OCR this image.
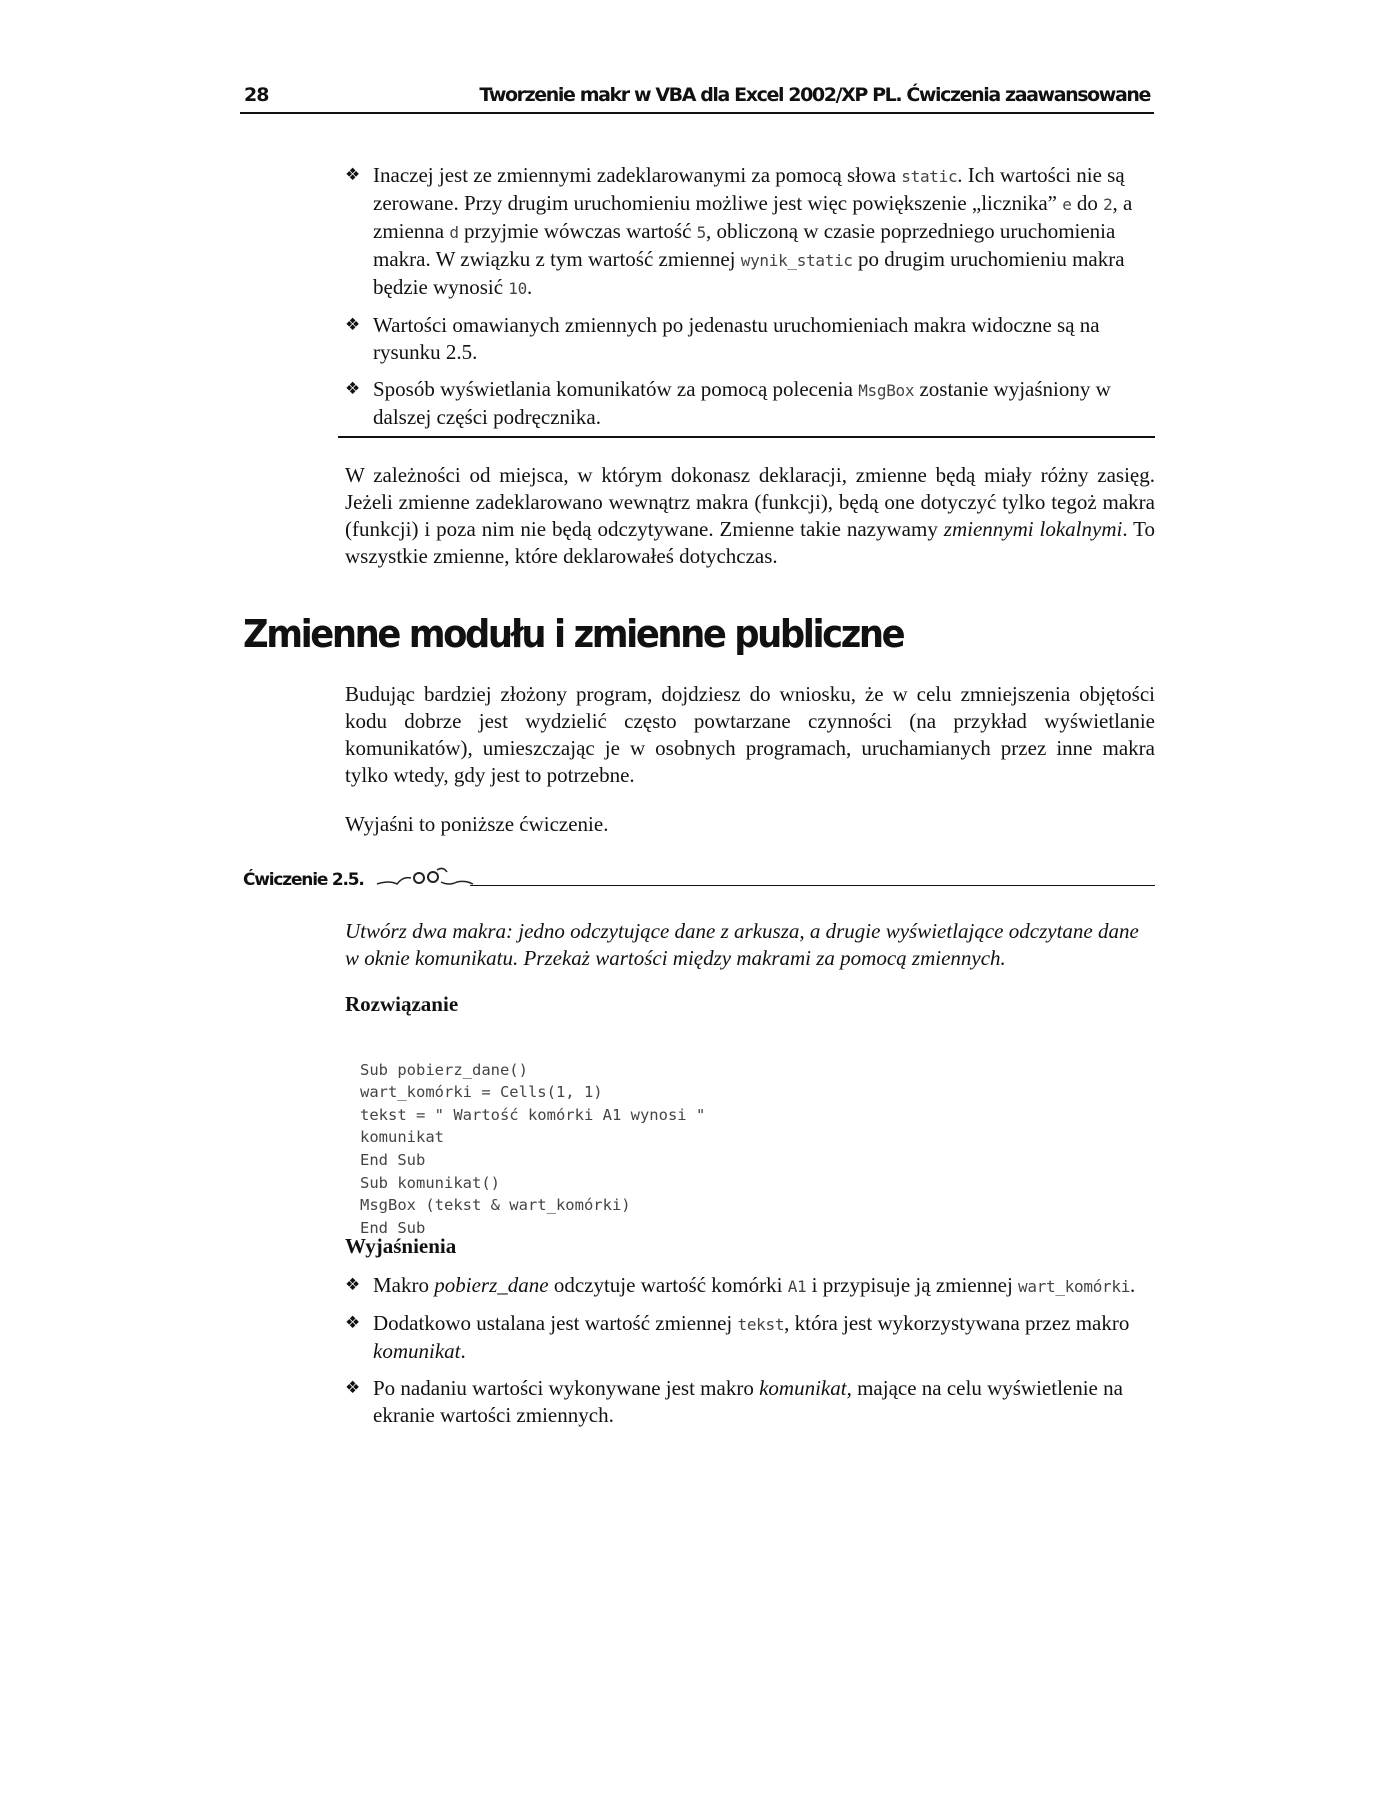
28	Tworzenie makr w VBA dla Excel 2002/XP PL. Ćwiczenia zaawansowane
❖ Inaczej jest ze zmiennymi zadeklarowanymi za pomocą słowa static. Ich wartości nie są zerowane. Przy drugim uruchomieniu możliwe jest więc powiększenie „licznika” e do 2, a zmienna d przyjmie wówczas wartość 5, obliczoną w czasie poprzedniego uruchomienia makra. W związku z tym wartość zmiennej wynik_static po drugim uruchomieniu makra będzie wynosić 10.
❖ Wartości omawianych zmiennych po jedenastu uruchomieniach makra widoczne są na rysunku 2.5.
❖ Sposób wyświetlania komunikatów za pomocą polecenia MsgBox zostanie wyjaśniony w dalszej części podręcznika.
W zależności od miejsca, w którym dokonasz deklaracji, zmienne będą miały różny zasięg. Jeżeli zmienne zadeklarowano wewnątrz makra (funkcji), będą one dotyczyć tylko tegoż makra (funkcji) i poza nim nie będą odczytywane. Zmienne takie nazywamy zmiennymi lokalnymi. To wszystkie zmienne, które deklarowałeś dotychczas.
Zmienne modułu i zmienne publiczne
Budując bardziej złożony program, dojdziesz do wniosku, że w celu zmniejszenia objętości kodu dobrze jest wydzielić często powtarzane czynności (na przykład wyświetlanie komunikatów), umieszczając je w osobnych programach, uruchamianych przez inne makra tylko wtedy, gdy jest to potrzebne.
Wyjaśni to poniższe ćwiczenie.
Ćwiczenie 2.5.
Utwórz dwa makra: jedno odczytujące dane z arkusza, a drugie wyświetlające odczytane dane w oknie komunikatu. Przekaż wartości między makrami za pomocą zmiennych.
Rozwiązanie

Sub pobierz_dane()
wart_komórki = Cells(1, 1)
tekst = " Wartość komórki A1 wynosi "
komunikat
End Sub
Sub komunikat()
MsgBox (tekst & wart_komórki)
End Sub

Wyjaśnienia
❖ Makro pobierz_dane odczytuje wartość komórki A1 i przypisuje ją zmiennej wart_komórki.
❖ Dodatkowo ustalana jest wartość zmiennej tekst, która jest wykorzystywana przez makro komunikat.
❖ Po nadaniu wartości wykonywane jest makro komunikat, mające na celu wyświetlenie na ekranie wartości zmiennych.
